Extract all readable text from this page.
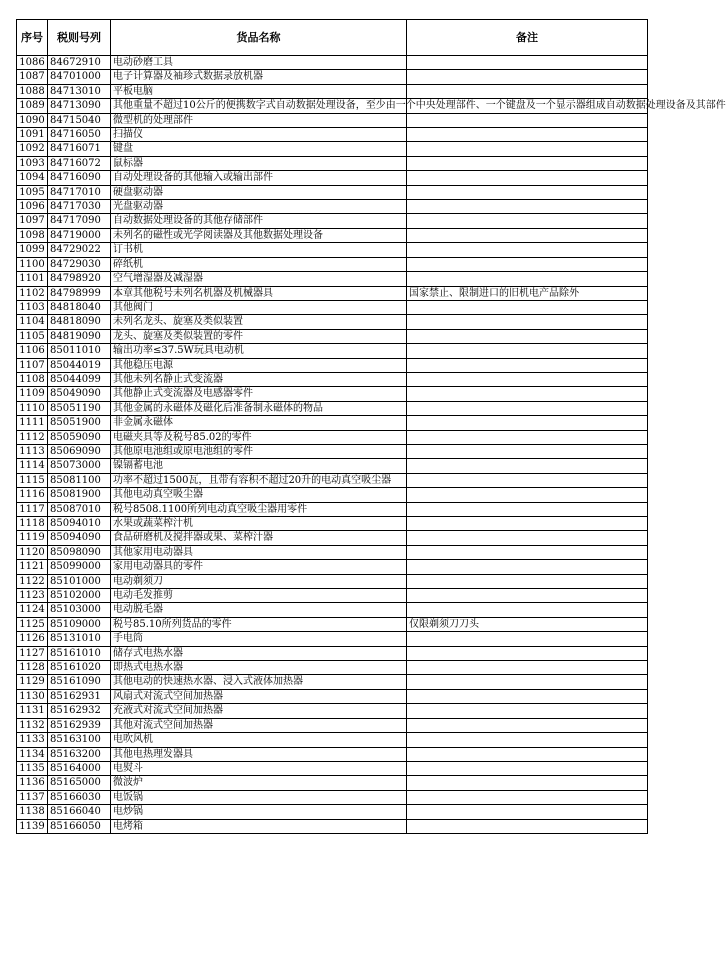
序号	税则号列	货品名称	备注
1086	84672910	电动砂磨工具	
1087	84701000	电子计算器及袖珍式数据录放机器	
1088	84713010	平板电脑	
1089	84713090	其他重量不超过10公斤的便携数字式自动数据处理设备，至少由一个中央处理部件、一个键盘及一个显示器组成自动数据处理设备及其部件	
1090	84715040	微型机的处理部件	
1091	84716050	扫描仪	
1092	84716071	键盘	
1093	84716072	鼠标器	
1094	84716090	自动处理设备的其他输入或输出部件	
1095	84717010	硬盘驱动器	
1096	84717030	光盘驱动器	
1097	84717090	自动数据处理设备的其他存储部件	
1098	84719000	未列名的磁性或光学阅读器及其他数据处理设备	
1099	84729022	订书机	
1100	84729030	碎纸机	
1101	84798920	空气增湿器及减湿器	
1102	84798999	本章其他税号未列名机器及机械器具	国家禁止、限制进口的旧机电产品除外
1103	84818040	其他阀门	
1104	84818090	未列名龙头、旋塞及类似装置	
1105	84819090	龙头、旋塞及类似装置的零件	
1106	85011010	输出功率≤37.5W玩具电动机	
1107	85044019	其他稳压电源	
1108	85044099	其他未列名静止式变流器	
1109	85049090	其他静止式变流器及电感器零件	
1110	85051190	其他金属的永磁体及磁化后准备制永磁体的物品	
1111	85051900	非金属永磁体	
1112	85059090	电磁夹具等及税号85.02的零件	
1113	85069090	其他原电池组或原电池组的零件	
1114	85073000	镍镉蓄电池	
1115	85081100	功率不超过1500瓦，且带有容积不超过20升的电动真空吸尘器	
1116	85081900	其他电动真空吸尘器	
1117	85087010	税号8508.1100所列电动真空吸尘器用零件	
1118	85094010	水果或蔬菜榨汁机	
1119	85094090	食品研磨机及搅拌器或果、菜榨汁器	
1120	85098090	其他家用电动器具	
1121	85099000	家用电动器具的零件	
1122	85101000	电动剃须刀	
1123	85102000	电动毛发推剪	
1124	85103000	电动脱毛器	
1125	85109000	税号85.10所列货品的零件	仅限剃须刀刀头
1126	85131010	手电筒	
1127	85161010	储存式电热水器	
1128	85161020	即热式电热水器	
1129	85161090	其他电动的快速热水器、浸入式液体加热器	
1130	85162931	风扇式对流式空间加热器	
1131	85162932	充液式对流式空间加热器	
1132	85162939	其他对流式空间加热器	
1133	85163100	电吹风机	
1134	85163200	其他电热理发器具	
1135	85164000	电熨斗	
1136	85165000	微波炉	
1137	85166030	电饭锅	
1138	85166040	电炒锅	
1139	85166050	电烤箱	
